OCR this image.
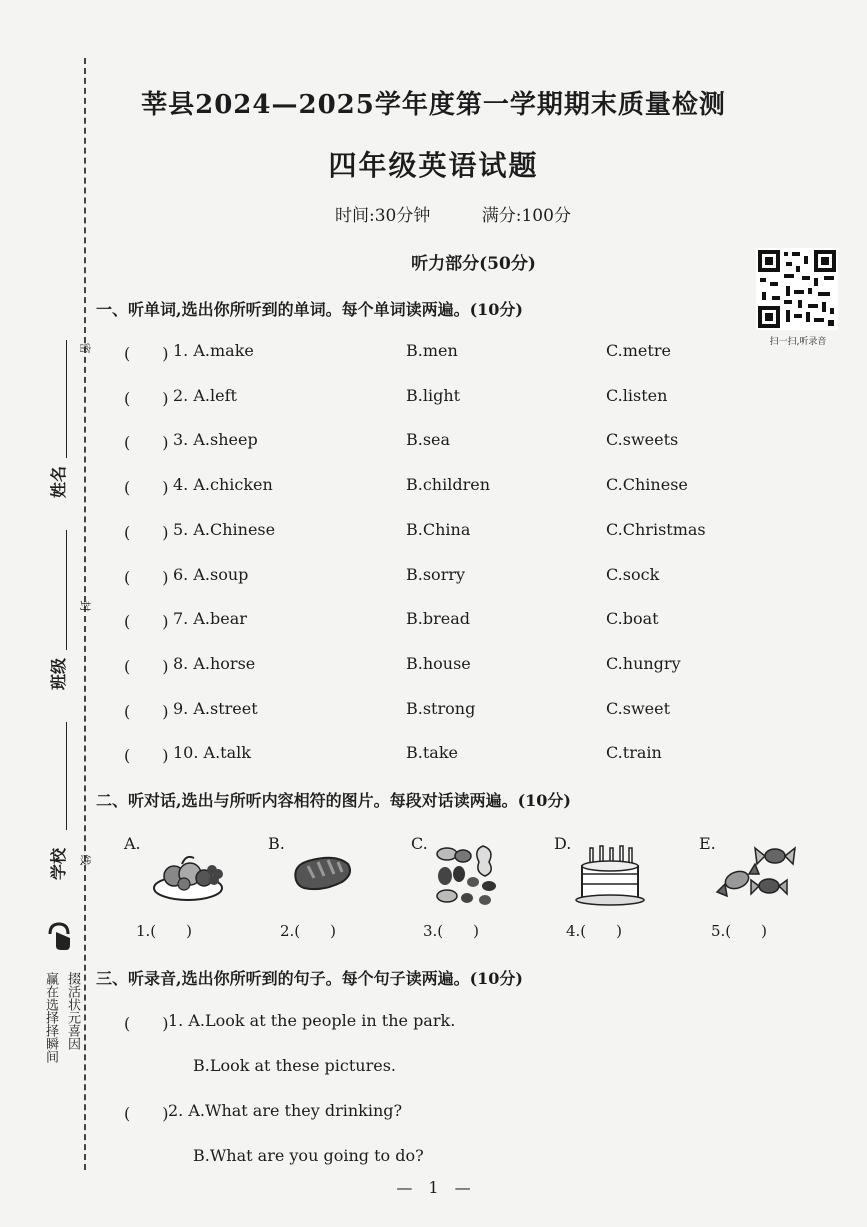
姓名
班级
学校
密
封
线
赢在选择择瞬间 掇活状元喜因
莘县2024—2025学年度第一学期期末质量检测
四年级英语试题
时间:30分钟	满分:100分
听力部分(50分)
扫一扫,听录音
一、听单词,选出你所听到的单词。每个单词读两遍。(10分)
(　　) 1. A.make	B.men	C.metre
(　　) 2. A.left	B.light	C.listen
(　　) 3. A.sheep	B.sea	C.sweets
(　　) 4. A.chicken	B.children	C.Chinese
(　　) 5. A.Chinese	B.China	C.Christmas
(　　) 6. A.soup	B.sorry	C.sock
(　　) 7. A.bear	B.bread	C.boat
(　　) 8. A.horse	B.house	C.hungry
(　　) 9. A.street	B.strong	C.sweet
(　　) 10. A.talk	B.take	C.train
二、听对话,选出与所听内容相符的图片。每段对话读两遍。(10分)
A.
1.(　　)
B.
2.(　　)
C.
3.(　　)
D.
4.(　　)
E.
5.(　　)
三、听录音,选出你所听到的句子。每个句子读两遍。(10分)
(　　) 1. A.Look at the people in the park.
B.Look at these pictures.
(　　) 2. A.What are they drinking?
B.What are you going to do?
—　1　—
